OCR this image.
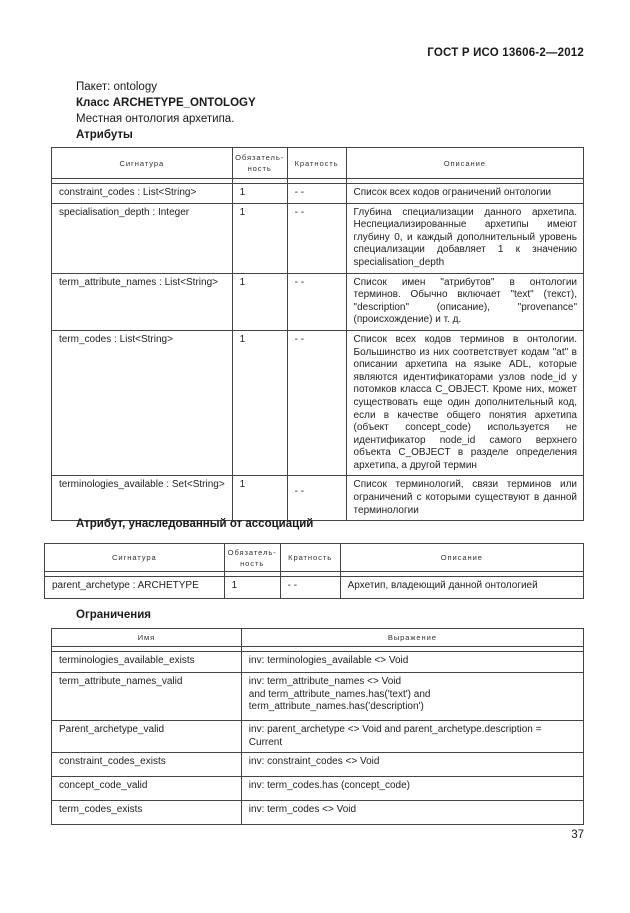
ГОСТ Р ИСО 13606-2—2012
Пакет: ontology
Класс ARCHETYPE_ONTOLOGY
Местная онтология архетипа.
Атрибуты
Сигнатура	Обязатель-ность	Кратность	Описание

constraint_codes : List<String>	1	- -	Список всех кодов ограничений онтологии
specialisation_depth : Integer	1	- -	Глубина специализации данного архетипа. Неспециализированные архетипы имеют глубину 0, и каждый дополнительный уровень специализации добавляет 1 к значению specialisation_depth
term_attribute_names : List<String>	1	- -	Список имен "атрибутов" в онтологии терминов. Обычно включает "text" (текст), "description" (описание), "provenance" (происхождение) и т. д.
term_codes : List<String>	1	- -	Список всех кодов терминов в онтологии. Большинство из них соответствует кодам "at" в описании архетипа на языке ADL, которые являются идентификаторами узлов node_id у потомков класса C_OBJECT. Кроме них, может существовать еще один дополнительный код, если в качестве общего понятия архетипа (объект concept_code) используется не идентификатор node_id самого верхнего объекта C_OBJECT в разделе определения архетипа, а другой термин
terminologies_available : Set<String>	1	- -	Список терминологий, связи терминов или ограничений с которыми существуют в данной терминологии
Атрибут, унаследованный от ассоциаций
Сигнатура	Обязатель-ность	Кратность	Описание

parent_archetype : ARCHETYPE	1	- -	Архетип, владеющий данной онтологией
Ограничения
Имя	Выражение

terminologies_available_exists	inv: terminologies_available <> Void
term_attribute_names_valid	inv: term_attribute_names <> Void
and term_attribute_names.has('text') and
term_attribute_names.has('description')
Parent_archetype_valid	inv: parent_archetype <> Void and parent_archetype.description = Current
constraint_codes_exists	inv: constraint_codes <> Void
concept_code_valid	inv: term_codes.has (concept_code)
term_codes_exists	inv: term_codes <> Void
37
